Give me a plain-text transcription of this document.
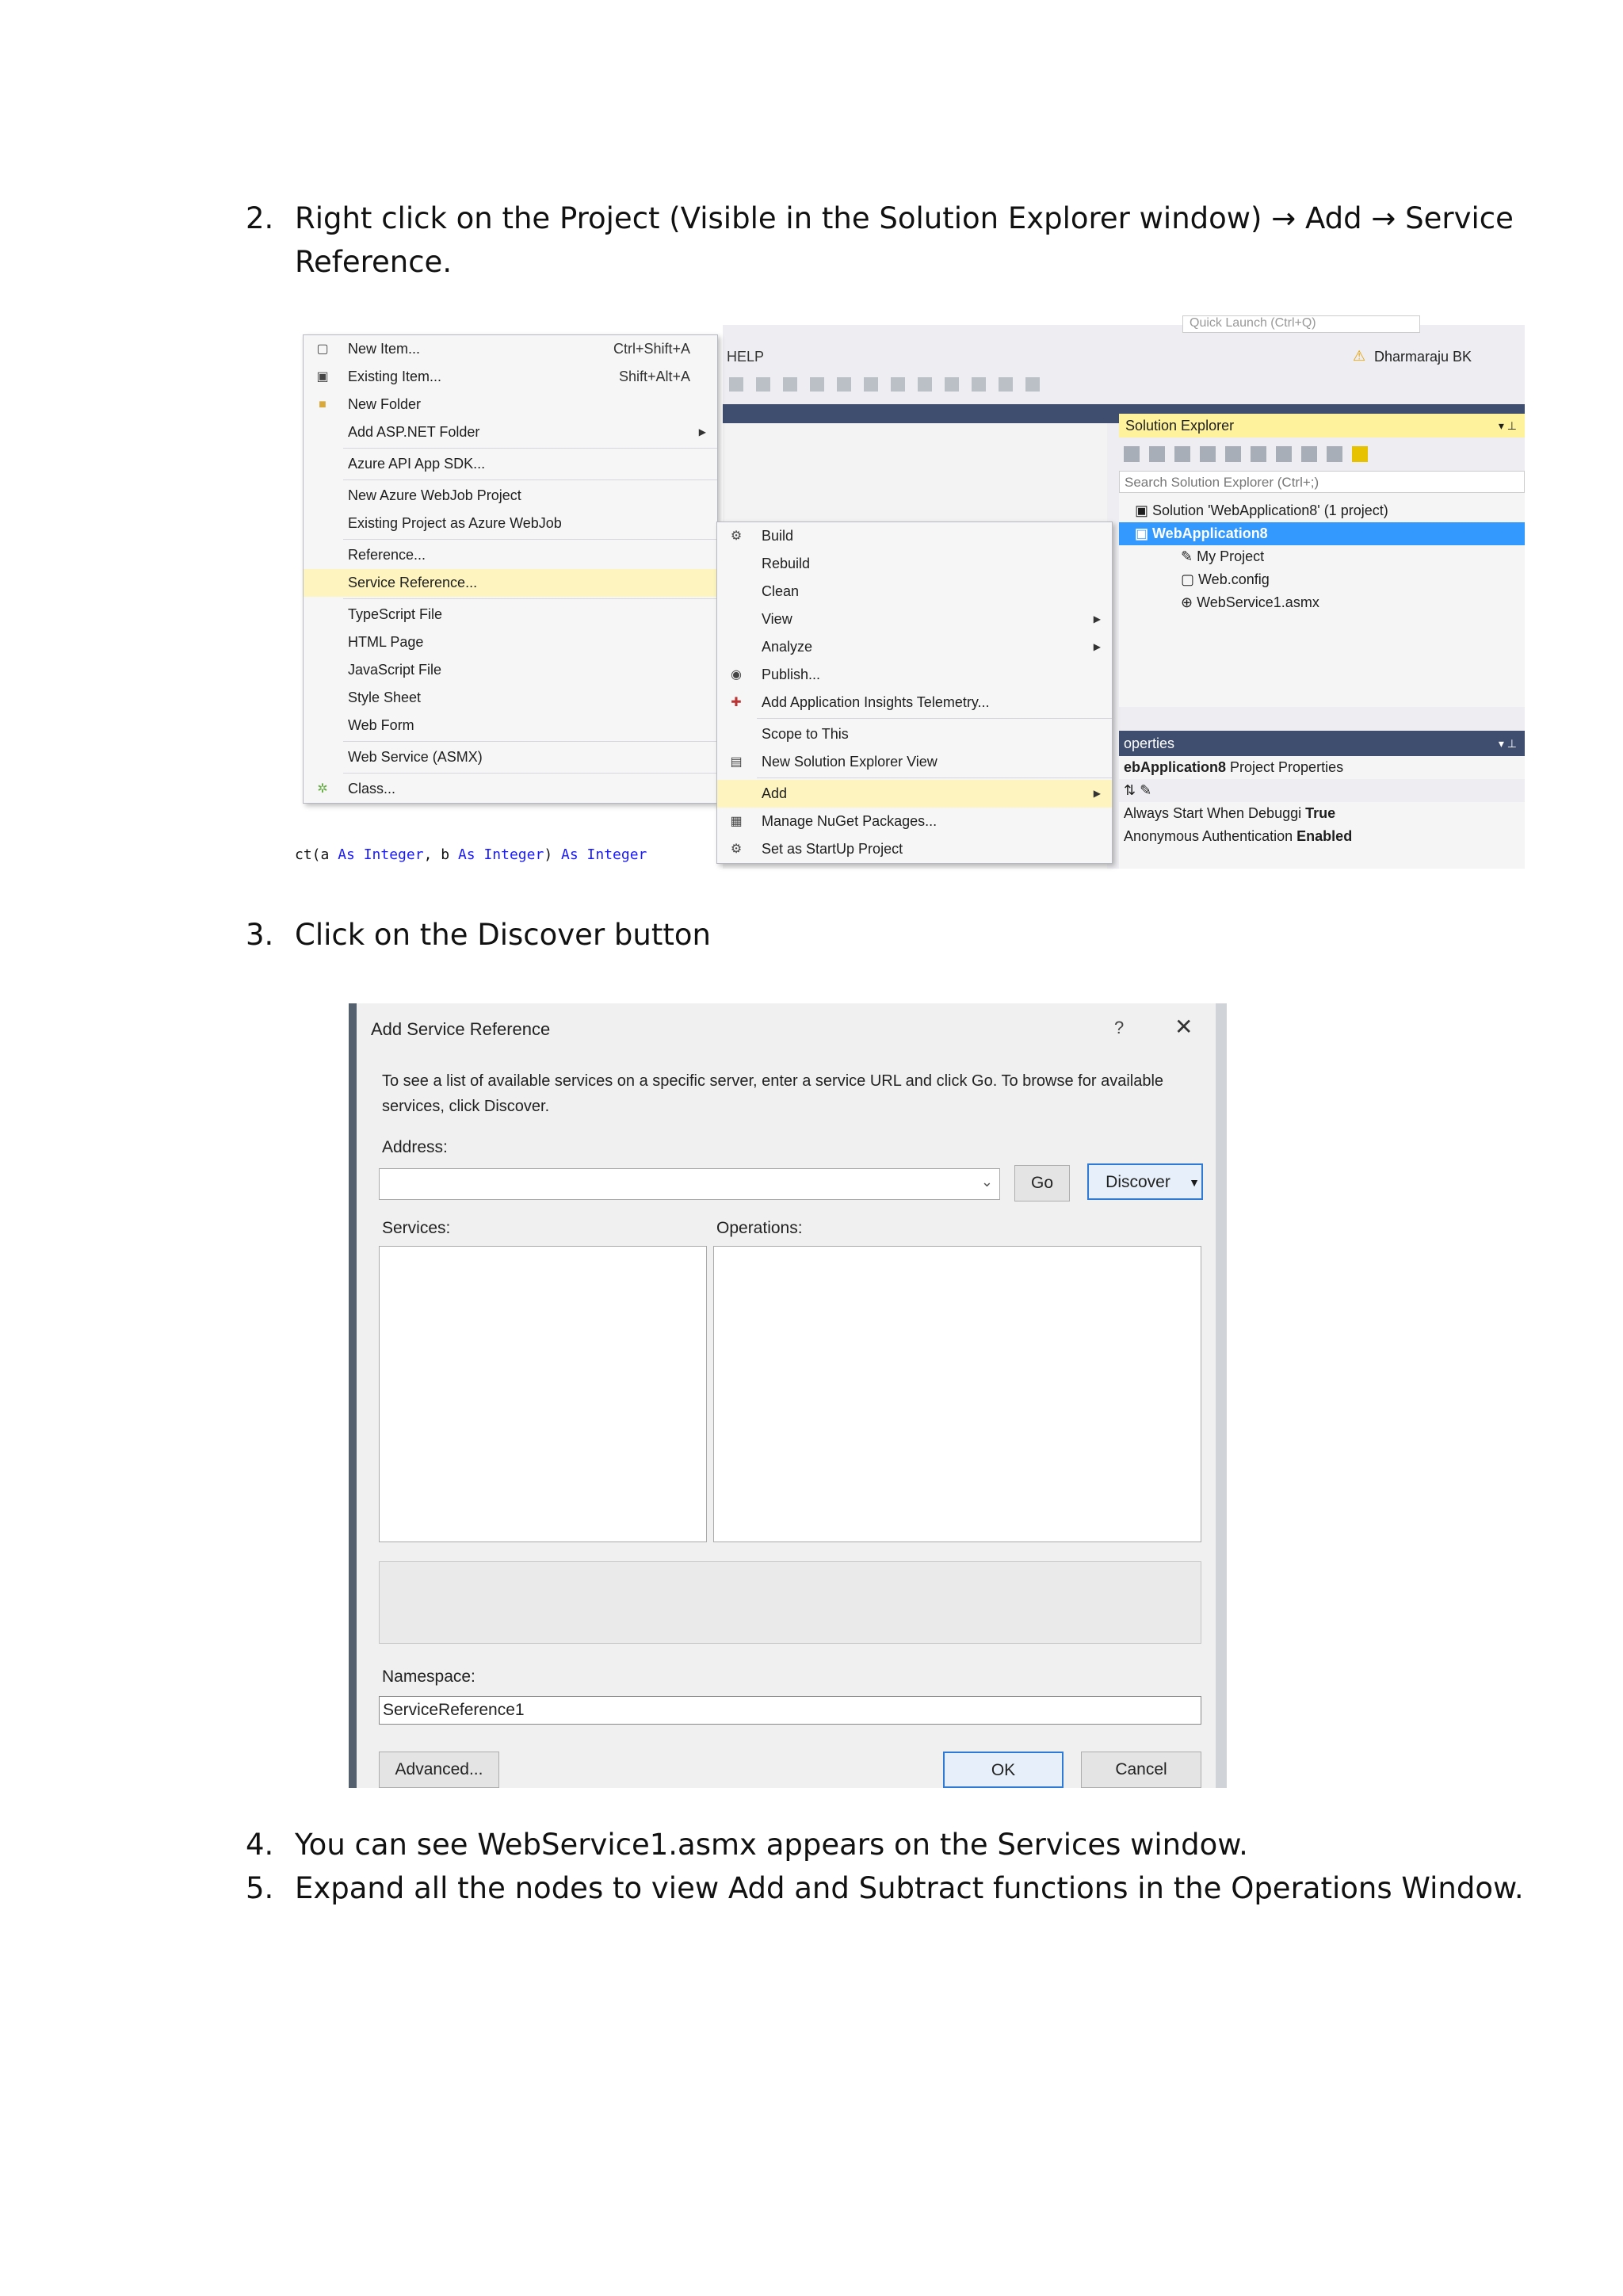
2. Right click on the Project (Visible in the Solution Explorer window) → Add → Service Reference.
ct(a As Integer, b As Integer) As Integer
Quick Launch (Ctrl+Q)
HELP	⚠ Dharmaraju BK
▢ New Item...	Ctrl+Shift+A
▣ Existing Item...	Shift+Alt+A
■ New Folder
Add ASP.NET Folder	▶
Azure API App SDK...
New Azure WebJob Project
Existing Project as Azure WebJob
Reference...
Service Reference...
TypeScript File
HTML Page
JavaScript File
Style Sheet
Web Form
Web Service (ASMX)
✲ Class...
⚙ Build
Rebuild
Clean
View	▶
Analyze	▶
◉ Publish...
✚ Add Application Insights Telemetry...
Scope to This
▤ New Solution Explorer View
Add	▶
▦ Manage NuGet Packages...
⚙ Set as StartUp Project
Solution Explorer	▾ ⊥
Search Solution Explorer (Ctrl+;)
▣ Solution 'WebApplication8' (1 project)
▣ WebApplication8
✎ My Project
▢ Web.config
⊕ WebService1.asmx
operties	▾ ⊥
ebApplication8 Project Properties
⇅ ✎
Always Start When Debuggi True
Anonymous Authentication Enabled
3. Click on the Discover button
Add Service Reference	? ✕
To see a list of available services on a specific server, enter a service URL and click Go. To browse for available services, click Discover.
Address:
⌄	Go	Discover	▼
Services:	Operations:
Namespace:
ServiceReference1
Advanced...	OK	Cancel
4. You can see WebService1.asmx appears on the Services window.
5. Expand all the nodes to view Add and Subtract functions in the Operations Window.
